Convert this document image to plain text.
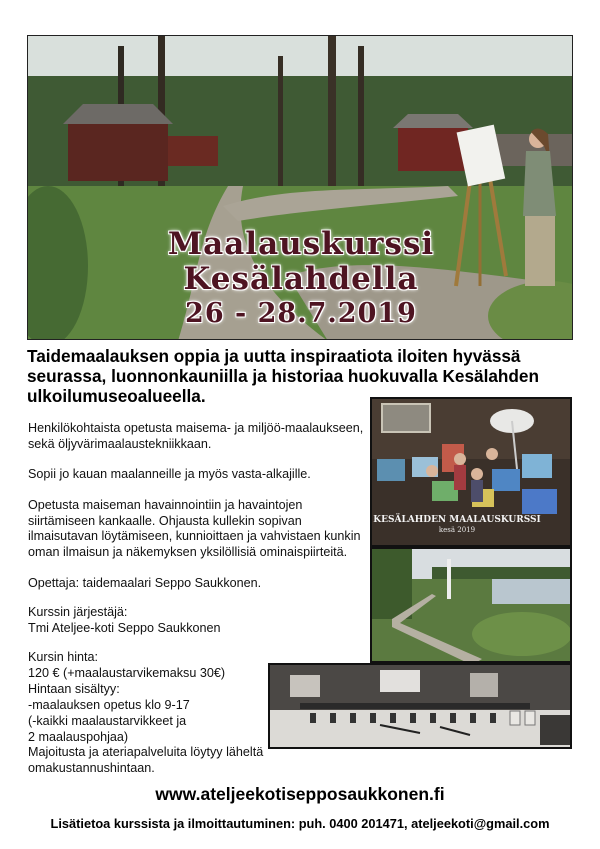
Maalauskurssi
Kesälahdella
26 - 28.7.2019
Taidemaalauksen oppia ja uutta inspiraatiota iloiten hyvässä seurassa, luonnonkauniilla ja historiaa huokuvalla Kesälahden ulkoilumuseoalueella.
Henkilökohtaista opetusta maisema- ja miljöö-maalaukseen, sekä öljyvärimaalaustekniikkaan.
Sopii jo kauan maalanneille ja myös vasta-alkajille.
Opetusta maiseman havainnointiin ja havaintojen siirtämiseen kankaalle. Ohjausta kullekin sopivan ilmaisutavan löytämiseen, kunnioittaen ja vahvistaen kunkin oman ilmaisun ja näkemyksen yksilöllisiä ominaispiirteitä.
Opettaja: taidemaalari Seppo Saukkonen.
Kurssin järjestäjä:
Tmi Ateljee-koti Seppo Saukkonen
Kursin hinta:
120 € (+maalaustarvikemaksu 30€)
Hintaan sisältyy:
-maalauksen opetus klo 9-17
(-kaikki maalaustarvikkeet ja
2 maalauspohjaa)
Majoitusta ja ateriapalveluita löytyy läheltä omakustannushintaan.
KESÄLAHDEN MAALAUSKURSSI
kesä 2019
www.ateljeekotisepposaukkonen.fi
Lisätietoa kurssista ja ilmoittautuminen: puh. 0400 201471, ateljeekoti@gmail.com
